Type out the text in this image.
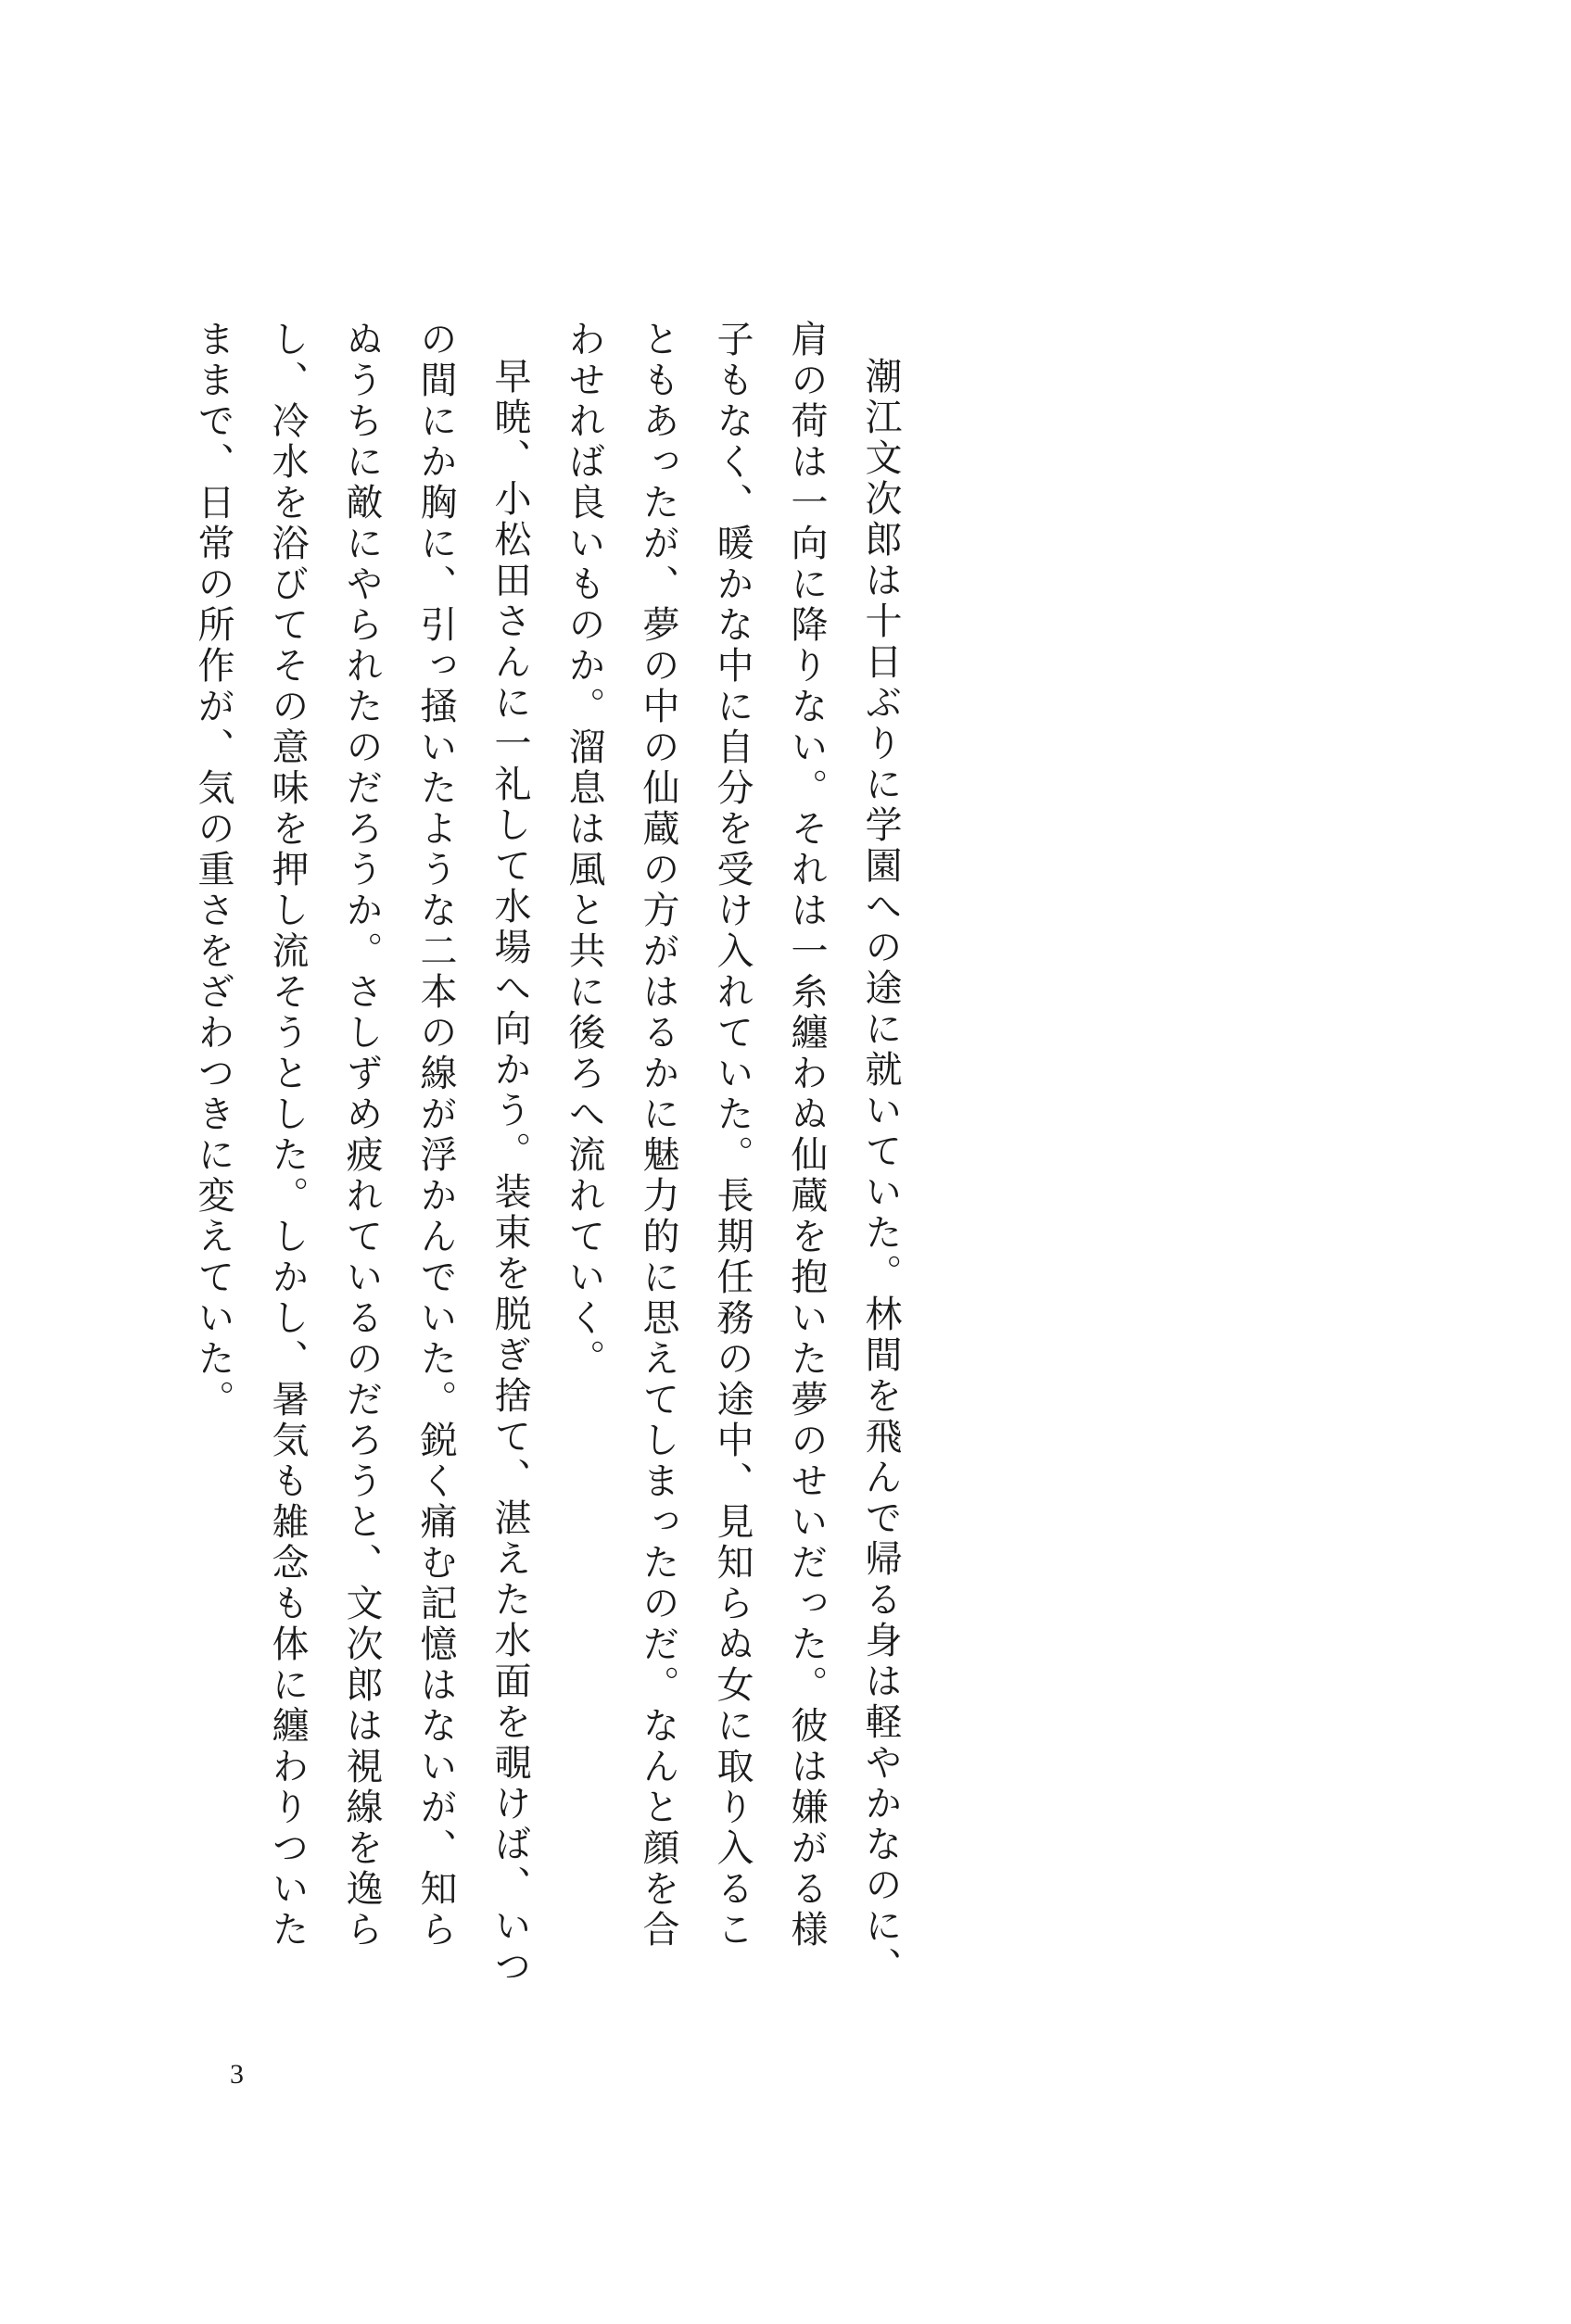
潮江文次郎は十日ぶりに学園への途に就いていた。林間を飛んで帰る身は軽やかなのに、肩の荷は一向に降りない。それは一糸纏わぬ仙蔵を抱いた夢のせいだった。彼は嫌がる様子もなく、暖かな中に自分を受け入れていた。長期任務の途中、見知らぬ女に取り入ることもあったが、夢の中の仙蔵の方がはるかに魅力的に思えてしまったのだ。なんと顔を合わせれば良いものか。溜息は風と共に後ろへ流れていく。

早暁、小松田さんに一礼して水場へ向かう。装束を脱ぎ捨て、湛えた水面を覗けば、いつの間にか胸に、引っ掻いたような二本の線が浮かんでいた。鋭く痛む記憶はないが、知らぬうちに敵にやられたのだろうか。さしずめ疲れているのだろうと、文次郎は視線を逸らし、冷水を浴びてその意味を押し流そうとした。しかし、暑気も雑念も体に纏わりついたままで、日常の所作が、気の重さをざわつきに変えていた。

3
